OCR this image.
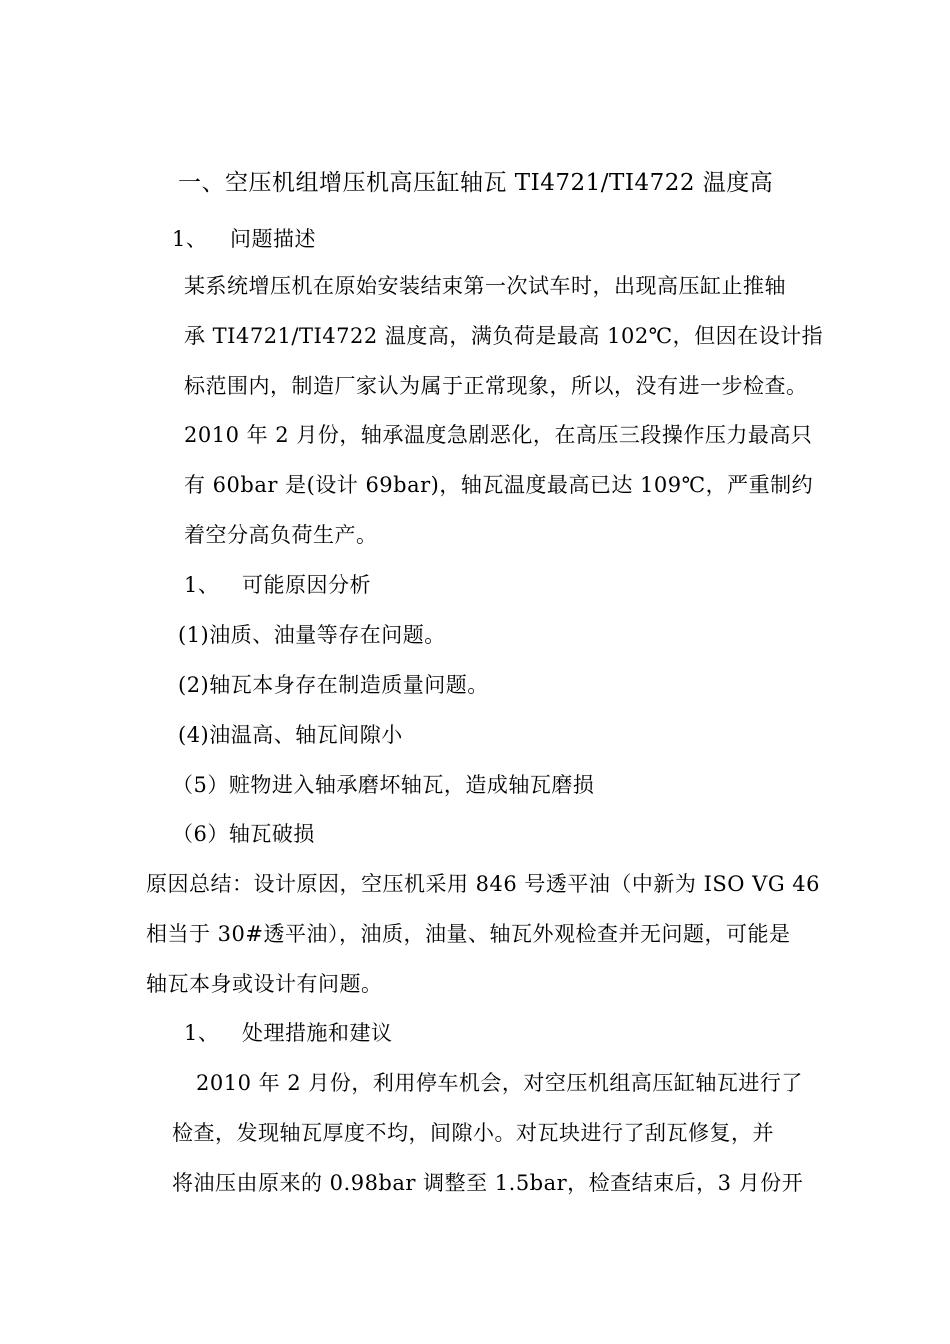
一、空压机组增压机高压缸轴瓦 TI4721/TI4722 温度高
1、 问题描述
某系统增压机在原始安装结束第一次试车时，出现高压缸止推轴
承 TI4721/TI4722 温度高，满负荷是最高 102℃，但因在设计指
标范围内，制造厂家认为属于正常现象，所以，没有进一步检查。
2010 年 2 月份，轴承温度急剧恶化，在高压三段操作压力最高只
有 60bar 是(设计 69bar)，轴瓦温度最高已达 109℃，严重制约
着空分高负荷生产。
1、 可能原因分析
(1)油质、油量等存在问题。
(2)轴瓦本身存在制造质量问题。
(4)油温高、轴瓦间隙小
（5）赃物进入轴承磨坏轴瓦，造成轴瓦磨损
（6）轴瓦破损
原因总结：设计原因，空压机采用 846 号透平油（中新为 ISO VG 46
相当于 30#透平油），油质，油量、轴瓦外观检查并无问题，可能是
轴瓦本身或设计有问题。
1、 处理措施和建议
2010 年 2 月份，利用停车机会，对空压机组高压缸轴瓦进行了
检查，发现轴瓦厚度不均，间隙小。对瓦块进行了刮瓦修复，并
将油压由原来的 0.98bar 调整至 1.5bar，检查结束后，3 月份开
